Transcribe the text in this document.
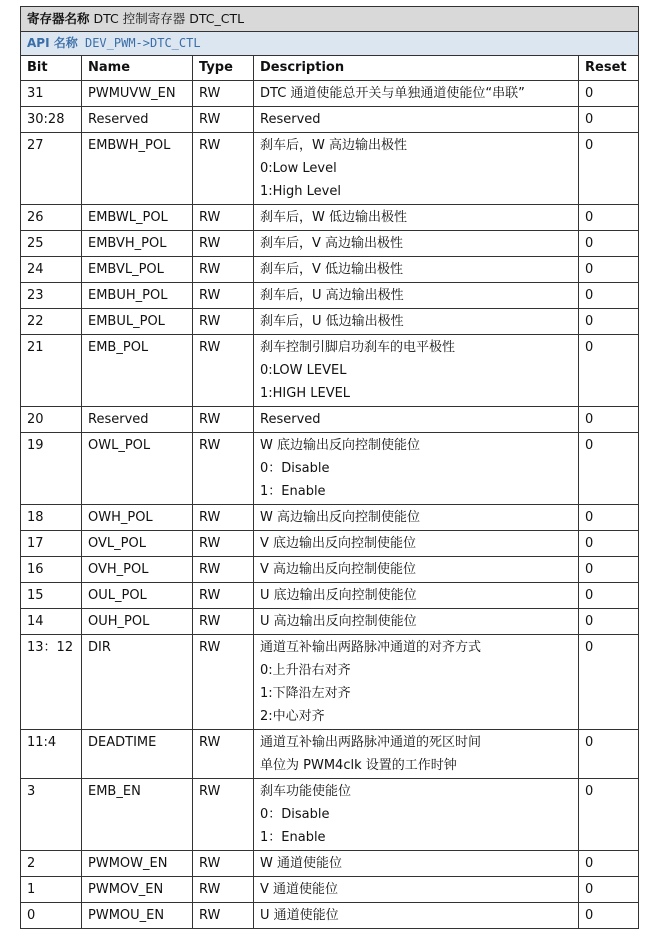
寄存器名称 DTC 控制寄存器 DTC_CTL				
API 名称 DEV_PWM->DTC_CTL				
Bit	Name	Type	Description	Reset
31	PWMUVW_EN	RW	DTC 通道使能总开关与单独通道使能位“串联”	0
30:28	Reserved	RW	Reserved	0
27	EMBWH_POL	RW	刹车后，W 高边输出极性
0:Low Level
1:High Level	0
26	EMBWL_POL	RW	刹车后，W 低边输出极性	0
25	EMBVH_POL	RW	刹车后，V 高边输出极性	0
24	EMBVL_POL	RW	刹车后，V 低边输出极性	0
23	EMBUH_POL	RW	刹车后，U 高边输出极性	0
22	EMBUL_POL	RW	刹车后，U 低边输出极性	0
21	EMB_POL	RW	刹车控制引脚启功刹车的电平极性
0:LOW LEVEL
1:HIGH LEVEL	0
20	Reserved	RW	Reserved	0
19	OWL_POL	RW	W 底边输出反向控制使能位
0：Disable
1：Enable	0
18	OWH_POL	RW	W 高边输出反向控制使能位	0
17	OVL_POL	RW	V 底边输出反向控制使能位	0
16	OVH_POL	RW	V 高边输出反向控制使能位	0
15	OUL_POL	RW	U 底边输出反向控制使能位	0
14	OUH_POL	RW	U 高边输出反向控制使能位	0
13：12	DIR	RW	通道互补输出两路脉冲通道的对齐方式
0:上升沿右对齐
1:下降沿左对齐
2:中心对齐	0
11:4	DEADTIME	RW	通道互补输出两路脉冲通道的死区时间
单位为 PWM4clk 设置的工作时钟	0
3	EMB_EN	RW	刹车功能使能位
0：Disable
1：Enable	0
2	PWMOW_EN	RW	W 通道使能位	0
1	PWMOV_EN	RW	V 通道使能位	0
0	PWMOU_EN	RW	U 通道使能位	0
